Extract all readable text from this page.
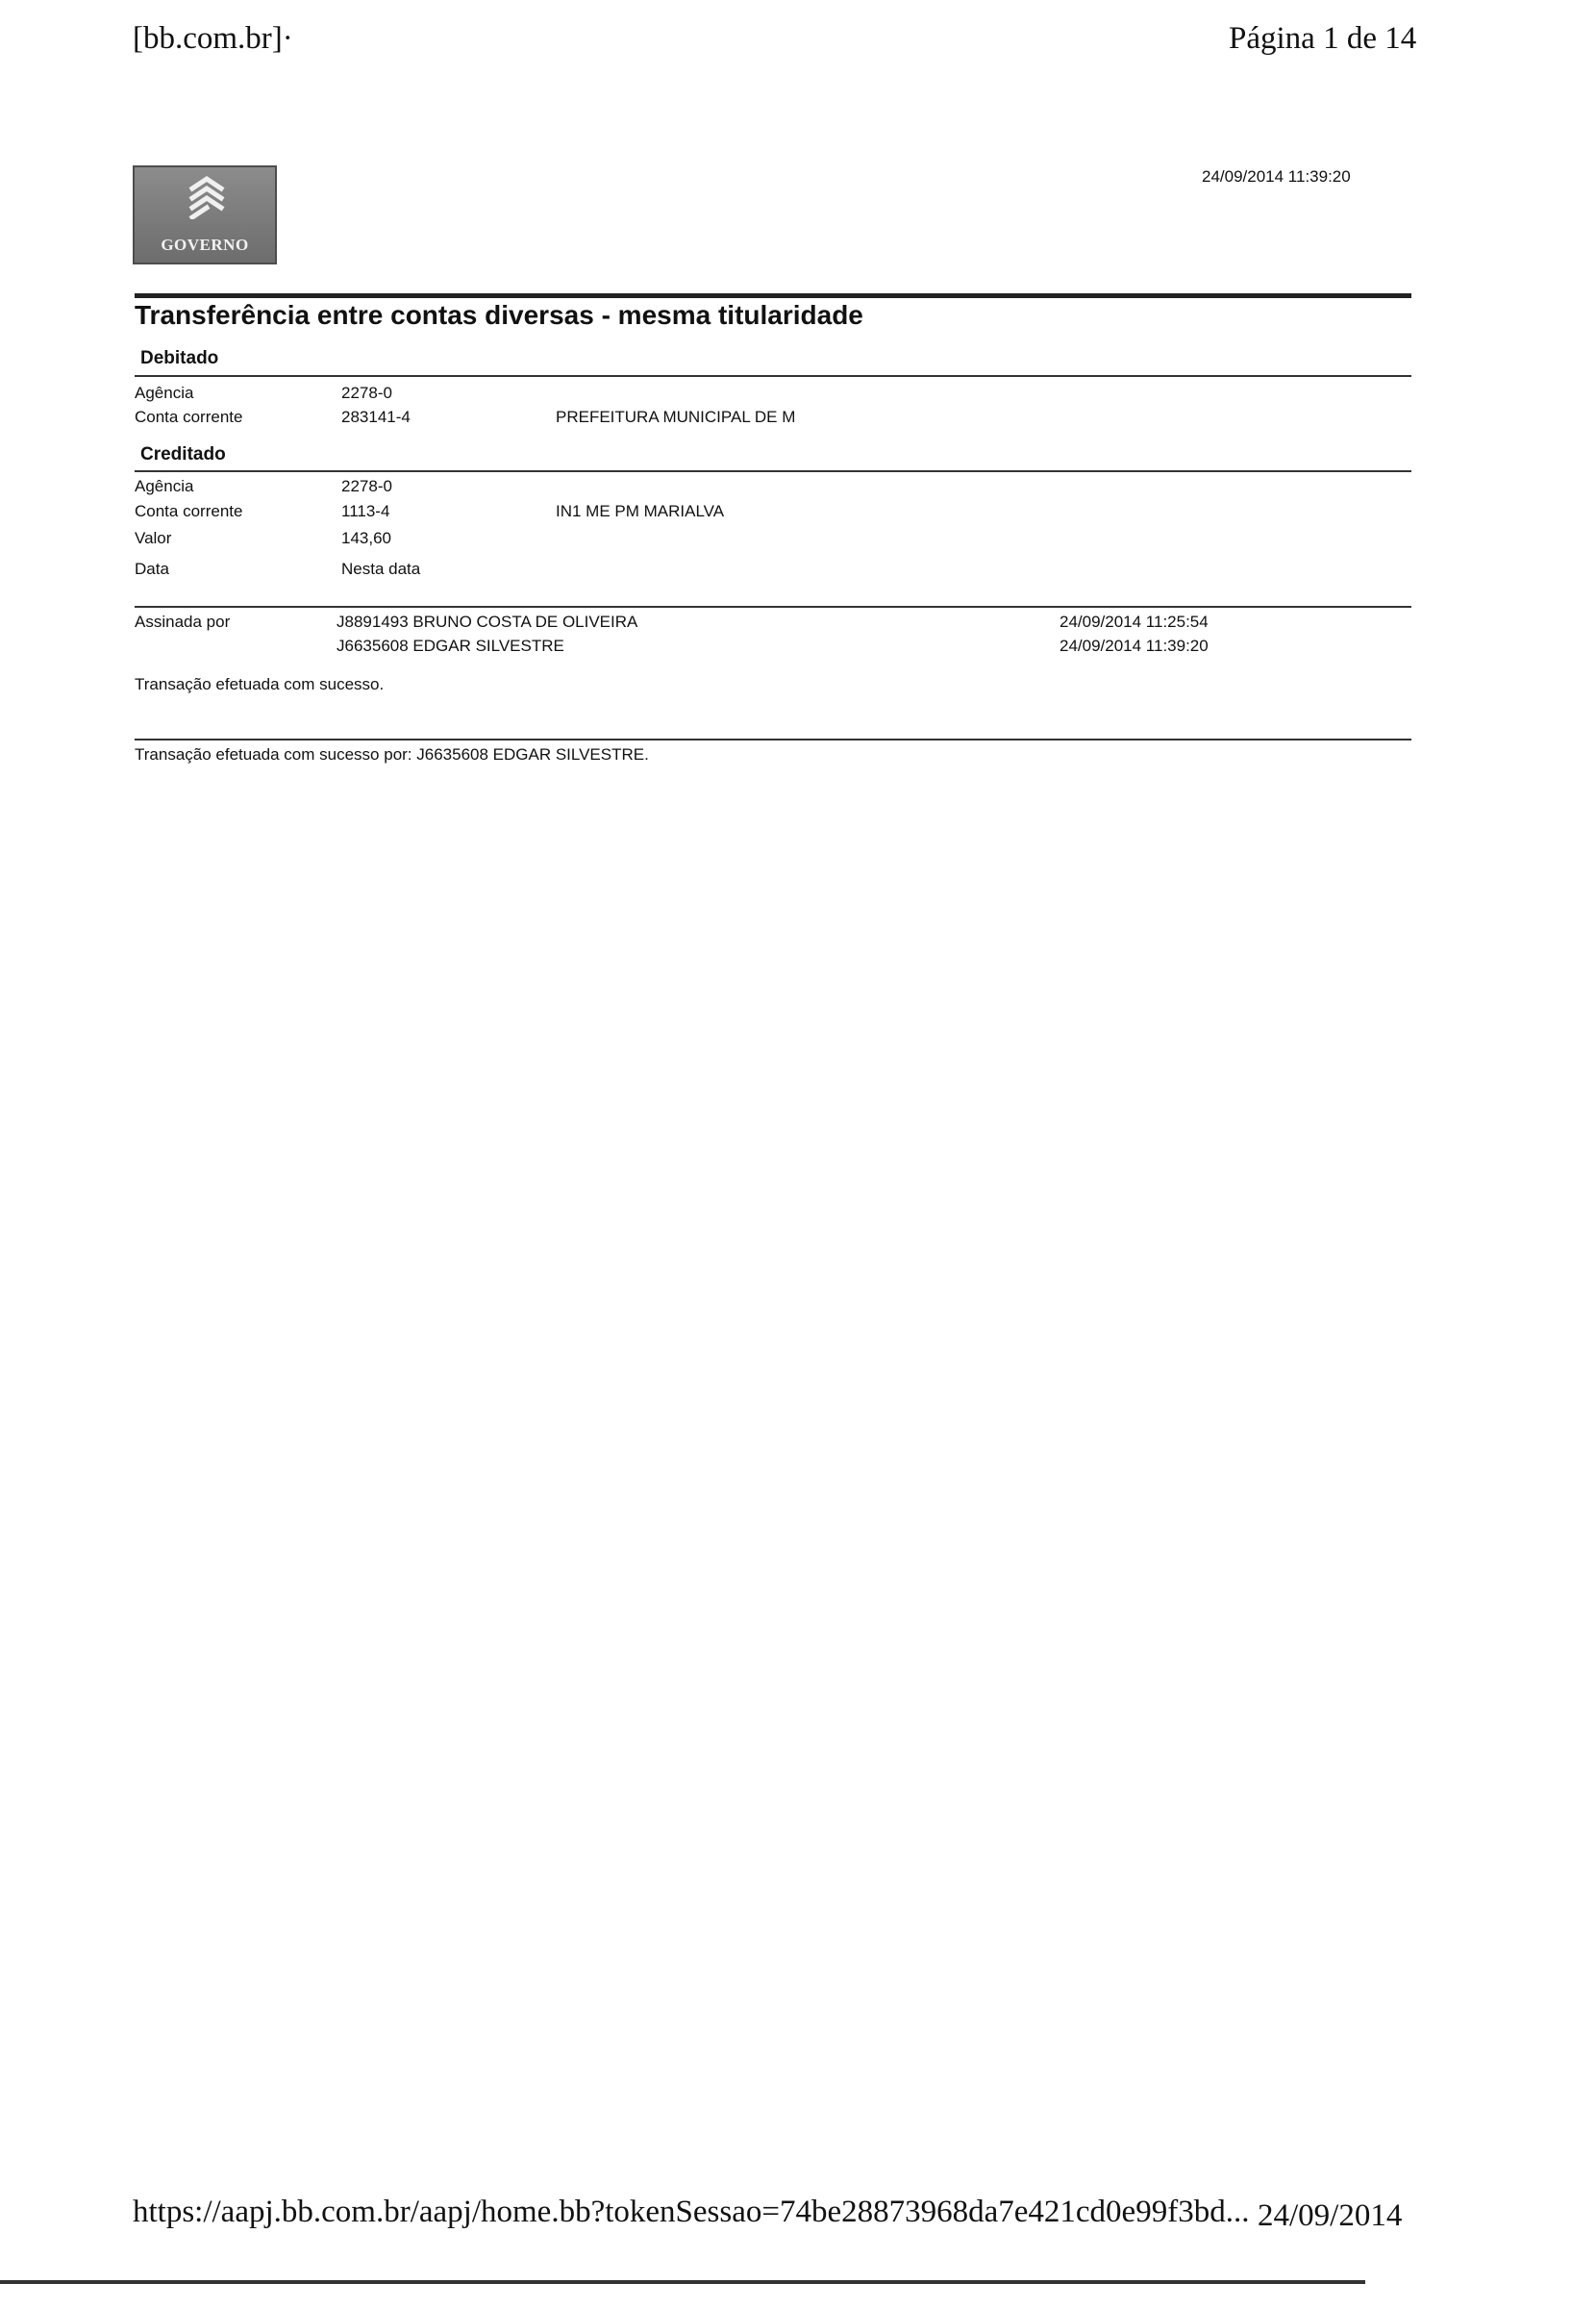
[bb.com.br]·	Página 1 de 14
GOVERNO
24/09/2014 11:39:20
Transferência entre contas diversas - mesma titularidade
Debitado
Agência	2278-0
Conta corrente	283141-4	PREFEITURA MUNICIPAL DE M
Creditado
Agência	2278-0
Conta corrente	1113-4	IN1 ME PM MARIALVA
Valor	143,60
Data	Nesta data
Assinada por	J8891493 BRUNO COSTA DE OLIVEIRA	24/09/2014 11:25:54
J6635608 EDGAR SILVESTRE	24/09/2014 11:39:20
Transação efetuada com sucesso.
Transação efetuada com sucesso por: J6635608 EDGAR SILVESTRE.
https://aapj.bb.com.br/aapj/home.bb?tokenSessao=74be28873968da7e421cd0e99f3bd... 24/09/2014
